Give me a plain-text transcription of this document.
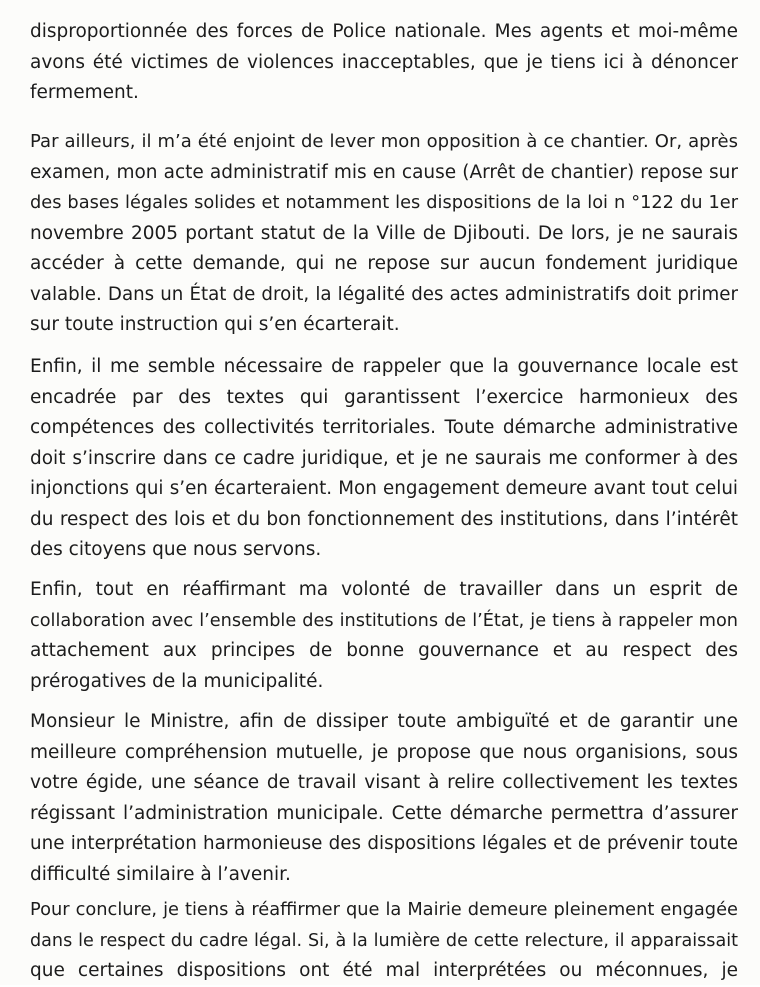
disproportionnée des forces de Police nationale. Mes agents et moi-même
avons été victimes de violences inacceptables, que je tiens ici à dénoncer
fermement.

Par ailleurs, il m’a été enjoint de lever mon opposition à ce chantier. Or, après
examen, mon acte administratif mis en cause (Arrêt de chantier) repose sur
des bases légales solides et notamment les dispositions de la loi n °122 du 1er
novembre 2005 portant statut de la Ville de Djibouti. De lors, je ne saurais
accéder à cette demande, qui ne repose sur aucun fondement juridique
valable. Dans un État de droit, la légalité des actes administratifs doit primer
sur toute instruction qui s’en écarterait.

Enfin, il me semble nécessaire de rappeler que la gouvernance locale est
encadrée par des textes qui garantissent l’exercice harmonieux des
compétences des collectivités territoriales. Toute démarche administrative
doit s’inscrire dans ce cadre juridique, et je ne saurais me conformer à des
injonctions qui s’en écarteraient. Mon engagement demeure avant tout celui
du respect des lois et du bon fonctionnement des institutions, dans l’intérêt
des citoyens que nous servons.

Enfin, tout en réaffirmant ma volonté de travailler dans un esprit de
collaboration avec l’ensemble des institutions de l’État, je tiens à rappeler mon
attachement aux principes de bonne gouvernance et au respect des
prérogatives de la municipalité.

Monsieur le Ministre, afin de dissiper toute ambiguïté et de garantir une
meilleure compréhension mutuelle, je propose que nous organisions, sous
votre égide, une séance de travail visant à relire collectivement les textes
régissant l’administration municipale. Cette démarche permettra d’assurer
une interprétation harmonieuse des dispositions légales et de prévenir toute
difficulté similaire à l’avenir.

Pour conclure, je tiens à réaffirmer que la Mairie demeure pleinement engagée
dans le respect du cadre légal. Si, à la lumière de cette relecture, il apparaissait
que certaines dispositions ont été mal interprétées ou méconnues, je
